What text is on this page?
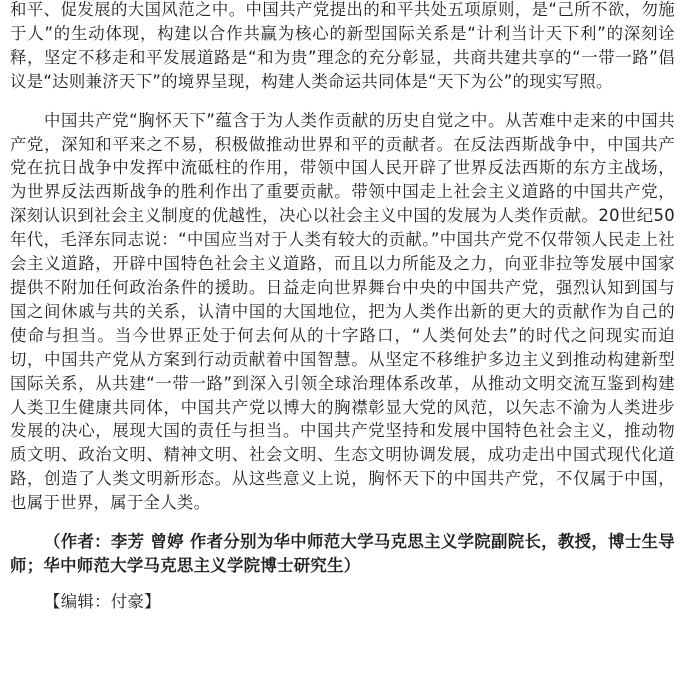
和平、促发展的大国风范之中。中国共产党提出的和平共处五项原则，是“己所不欲，勿施于人”的生动体现，构建以合作共赢为核心的新型国际关系是“计利当计天下利”的深刻诠释，坚定不移走和平发展道路是“和为贵”理念的充分彰显，共商共建共享的“一带一路”倡议是“达则兼济天下”的境界呈现，构建人类命运共同体是“天下为公”的现实写照。

中国共产党“胸怀天下”蕴含于为人类作贡献的历史自觉之中。从苦难中走来的中国共产党，深知和平来之不易，积极做推动世界和平的贡献者。在反法西斯战争中，中国共产党在抗日战争中发挥中流砥柱的作用，带领中国人民开辟了世界反法西斯的东方主战场，为世界反法西斯战争的胜利作出了重要贡献。带领中国走上社会主义道路的中国共产党，深刻认识到社会主义制度的优越性，决心以社会主义中国的发展为人类作贡献。20世纪50年代，毛泽东同志说：“中国应当对于人类有较大的贡献。”中国共产党不仅带领人民走上社会主义道路，开辟中国特色社会主义道路，而且以力所能及之力，向亚非拉等发展中国家提供不附加任何政治条件的援助。日益走向世界舞台中央的中国共产党，强烈认知到国与国之间休戚与共的关系，认清中国的大国地位，把为人类作出新的更大的贡献作为自己的使命与担当。当今世界正处于何去何从的十字路口，“人类何处去”的时代之问现实而迫切，中国共产党从方案到行动贡献着中国智慧。从坚定不移维护多边主义到推动构建新型国际关系，从共建“一带一路”到深入引领全球治理体系改革，从推动文明交流互鉴到构建人类卫生健康共同体，中国共产党以博大的胸襟彰显大党的风范，以矢志不渝为人类进步发展的决心，展现大国的责任与担当。中国共产党坚持和发展中国特色社会主义，推动物质文明、政治文明、精神文明、社会文明、生态文明协调发展，成功走出中国式现代化道路，创造了人类文明新形态。从这些意义上说，胸怀天下的中国共产党，不仅属于中国，也属于世界，属于全人类。

（作者：李芳 曾婷 作者分别为华中师范大学马克思主义学院副院长，教授，博士生导师；华中师范大学马克思主义学院博士研究生）

【编辑：付豪】
